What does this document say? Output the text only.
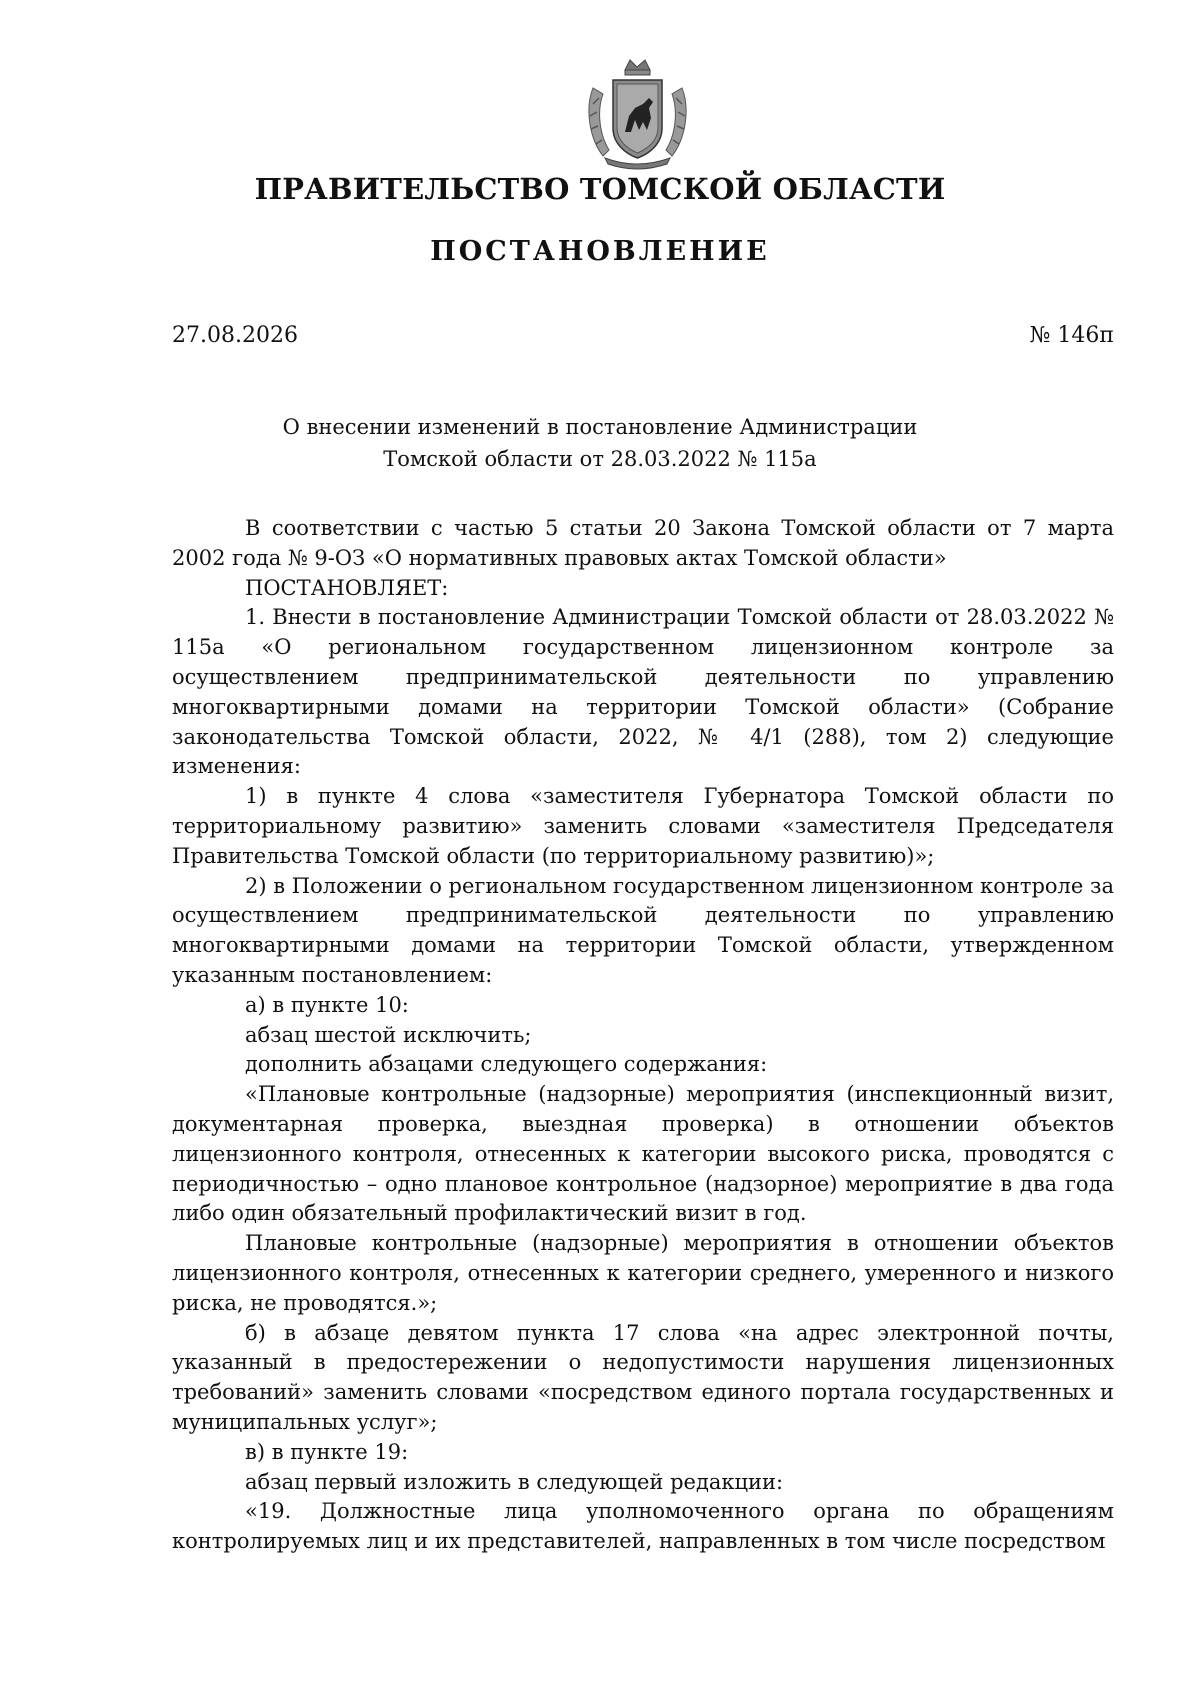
ПРАВИТЕЛЬСТВО ТОМСКОЙ ОБЛАСТИ
ПОСТАНОВЛЕНИЕ
27.08.2026	№ 146п
О внесении изменений в постановление Администрации
Томской области от 28.03.2022 № 115а

В соответствии с частью 5 статьи 20 Закона Томской области от 7 марта 2002 года № 9-ОЗ «О нормативных правовых актах Томской области»

ПОСТАНОВЛЯЕТ:

1. Внести в постановление Администрации Томской области от 28.03.2022 № 115а «О региональном государственном лицензионном контроле за осуществлением предпринимательской деятельности по управлению многоквартирными домами на территории Томской области» (Собрание законодательства Томской области, 2022, № 4/1 (288), том 2) следующие изменения:

1) в пункте 4 слова «заместителя Губернатора Томской области по территориальному развитию» заменить словами «заместителя Председателя Правительства Томской области (по территориальному развитию)»;

2) в Положении о региональном государственном лицензионном контроле за осуществлением предпринимательской деятельности по управлению многоквартирными домами на территории Томской области, утвержденном указанным постановлением:

а) в пункте 10:

абзац шестой исключить;

дополнить абзацами следующего содержания:

«Плановые контрольные (надзорные) мероприятия (инспекционный визит, документарная проверка, выездная проверка) в отношении объектов лицензионного контроля, отнесенных к категории высокого риска, проводятся с периодичностью – одно плановое контрольное (надзорное) мероприятие в два года либо один обязательный профилактический визит в год.

Плановые контрольные (надзорные) мероприятия в отношении объектов лицензионного контроля, отнесенных к категории среднего, умеренного и низкого риска, не проводятся.»;

б) в абзаце девятом пункта 17 слова «на адрес электронной почты, указанный в предостережении о недопустимости нарушения лицензионных требований» заменить словами «посредством единого портала государственных и муниципальных услуг»;

в) в пункте 19:

абзац первый изложить в следующей редакции:

«19. Должностные лица уполномоченного органа по обращениям контролируемых лиц и их представителей, направленных в том числе посредством
